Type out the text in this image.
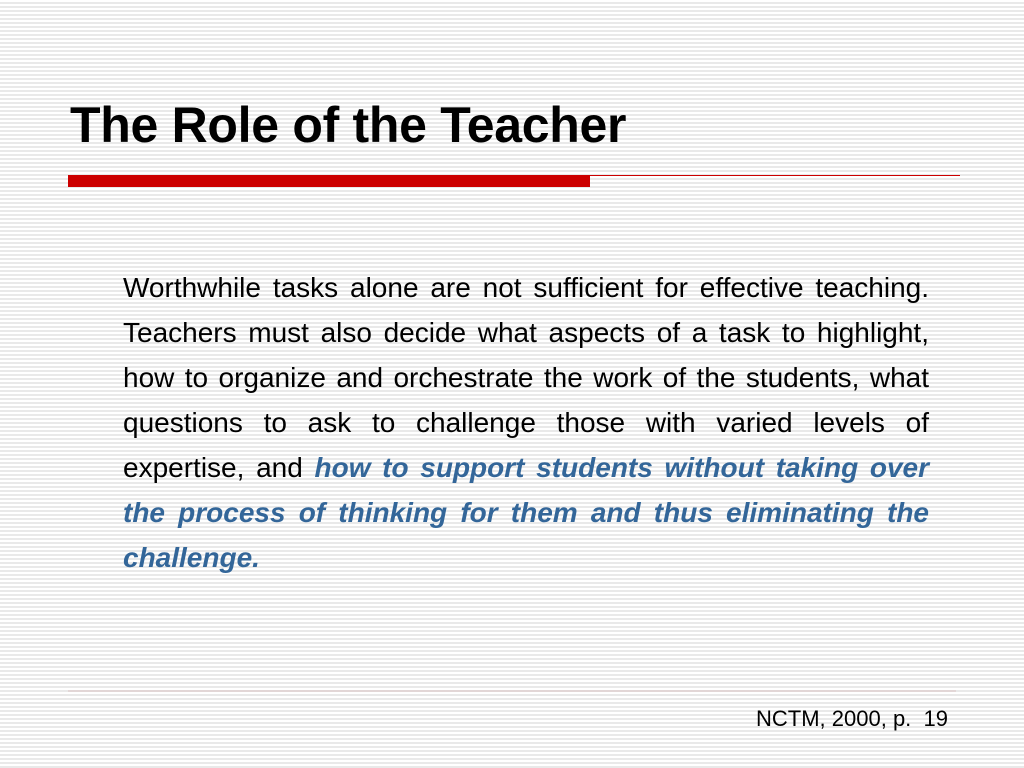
The Role of the Teacher

Worthwhile tasks alone are not sufficient for effective teaching. Teachers must also decide what aspects of a task to highlight, how to organize and orchestrate the work of the students, what questions to ask to challenge those with varied levels of expertise, and how to support students without taking over the process of thinking for them and thus eliminating the challenge.

NCTM, 2000, p.  19
